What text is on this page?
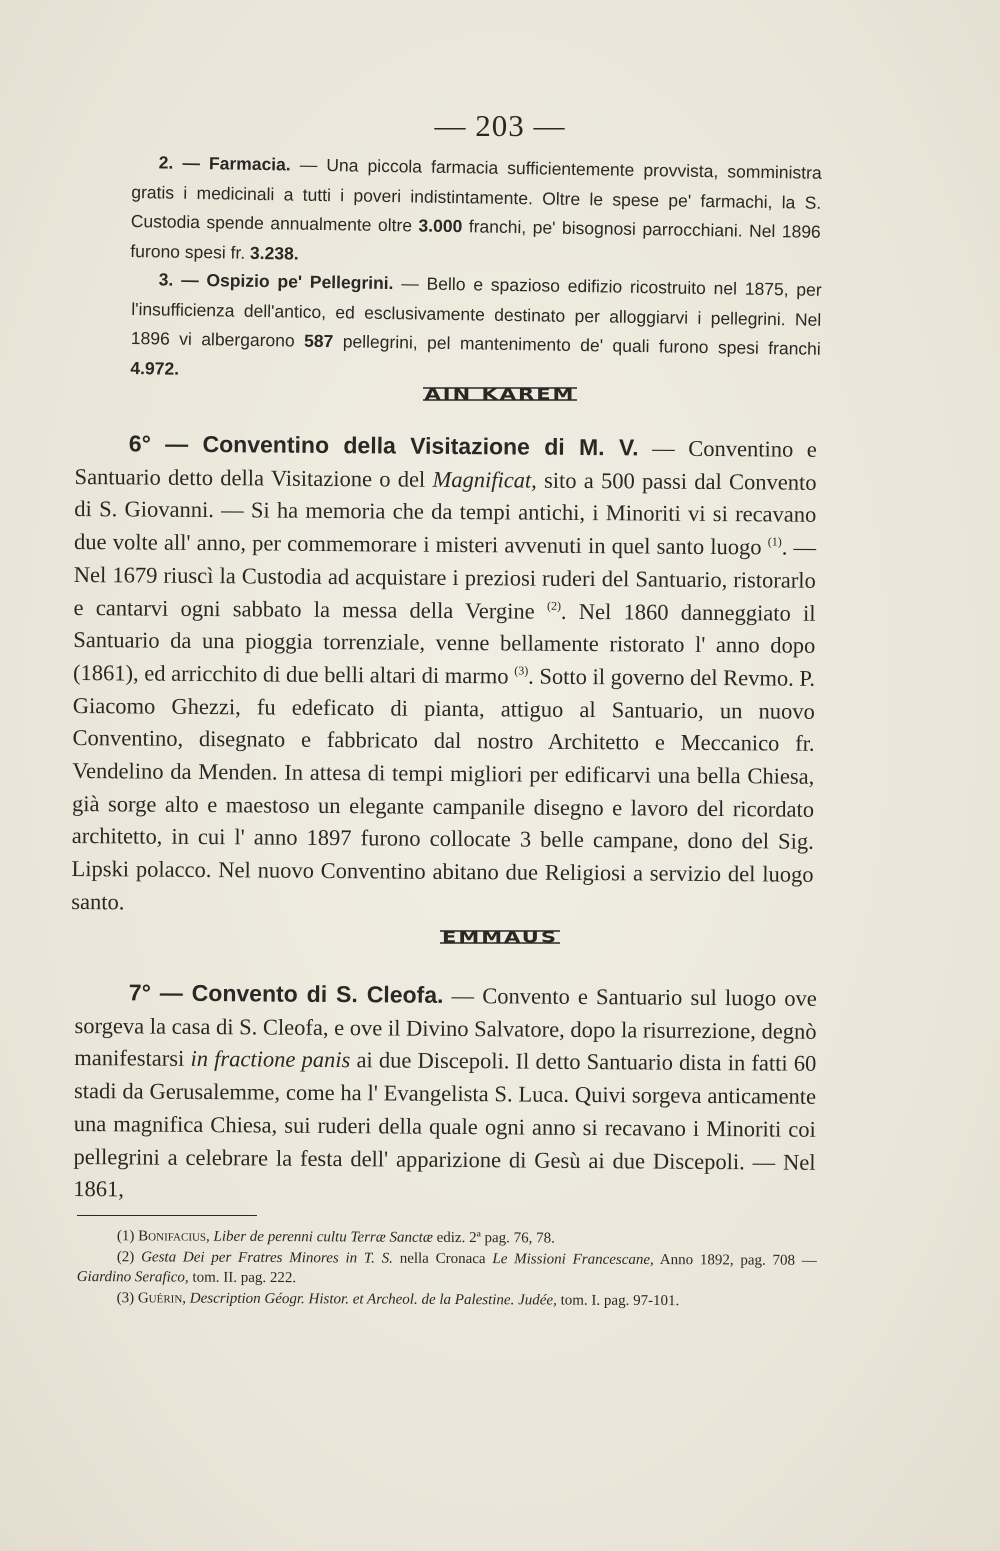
— 203 —
2. — Farmacia. — Una piccola farmacia sufficientemente provvista, somministra gratis i medicinali a tutti i poveri indistintamente. Oltre le spese pe' farmachi, la S. Custodia spende annualmente oltre 3.000 franchi, pe' bisognosi parrocchiani. Nel 1896 furono spesi fr. 3.238.
3. — Ospizio pe' Pellegrini. — Bello e spazioso edifizio ricostruito nel 1875, per l'insufficienza dell'antico, ed esclusivamente destinato per alloggiarvi i pellegrini. Nel 1896 vi albergarono 587 pellegrini, pel mantenimento de' quali furono spesi franchi 4.972.
AIN KAREM
6° — Conventino della Visitazione di M. V. — Conventino e Santuario detto della Visitazione o del Magnificat, sito a 500 passi dal Convento di S. Giovanni. — Si ha memoria che da tempi antichi, i Minoriti vi si recavano due volte all' anno, per commemorare i misteri avvenuti in quel santo luogo $^{(1)}$. — Nel 1679 riuscì la Custodia ad acquistare i preziosi ruderi del Santuario, ristorarlo e cantarvi ogni sabbato la messa della Vergine $^{(2)}$. Nel 1860 danneggiato il Santuario da una pioggia torrenziale, venne bellamente ristorato l' anno dopo (1861), ed arricchito di due belli altari di marmo $^{(3)}$. Sotto il governo del Revmo. P. Giacomo Ghezzi, fu edeficato di pianta, attiguo al Santuario, un nuovo Conventino, disegnato e fabbricato dal nostro Architetto e Meccanico fr. Vendelino da Menden. In attesa di tempi migliori per edificarvi una bella Chiesa, già sorge alto e maestoso un elegante campanile disegno e lavoro del ricordato architetto, in cui l' anno 1897 furono collocate 3 belle campane, dono del Sig. Lipski polacco. Nel nuovo Conventino abitano due Religiosi a servizio del luogo santo.
EMMAUS
7° — Convento di S. Cleofa. — Convento e Santuario sul luogo ove sorgeva la casa di S. Cleofa, e ove il Divino Salvatore, dopo la risurrezione, degnò manifestarsi in fractione panis ai due Discepoli. Il detto Santuario dista in fatti 60 stadi da Gerusalemme, come ha l' Evangelista S. Luca. Quivi sorgeva anticamente una magnifica Chiesa, sui ruderi della quale ogni anno si recavano i Minoriti coi pellegrini a celebrare la festa dell' apparizione di Gesù ai due Discepoli. — Nel 1861,

(1) Bonifacius, Liber de perenni cultu Terræ Sanctæ ediz. 2ª pag. 76, 78.

(2) Gesta Dei per Fratres Minores in T. S. nella Cronaca Le Missioni Francescane, Anno 1892, pag. 708 — Giardino Serafico, tom. II. pag. 222.

(3) Guérin, Description Géogr. Histor. et Archeol. de la Palestine. Judée, tom. I. pag. 97-101.
